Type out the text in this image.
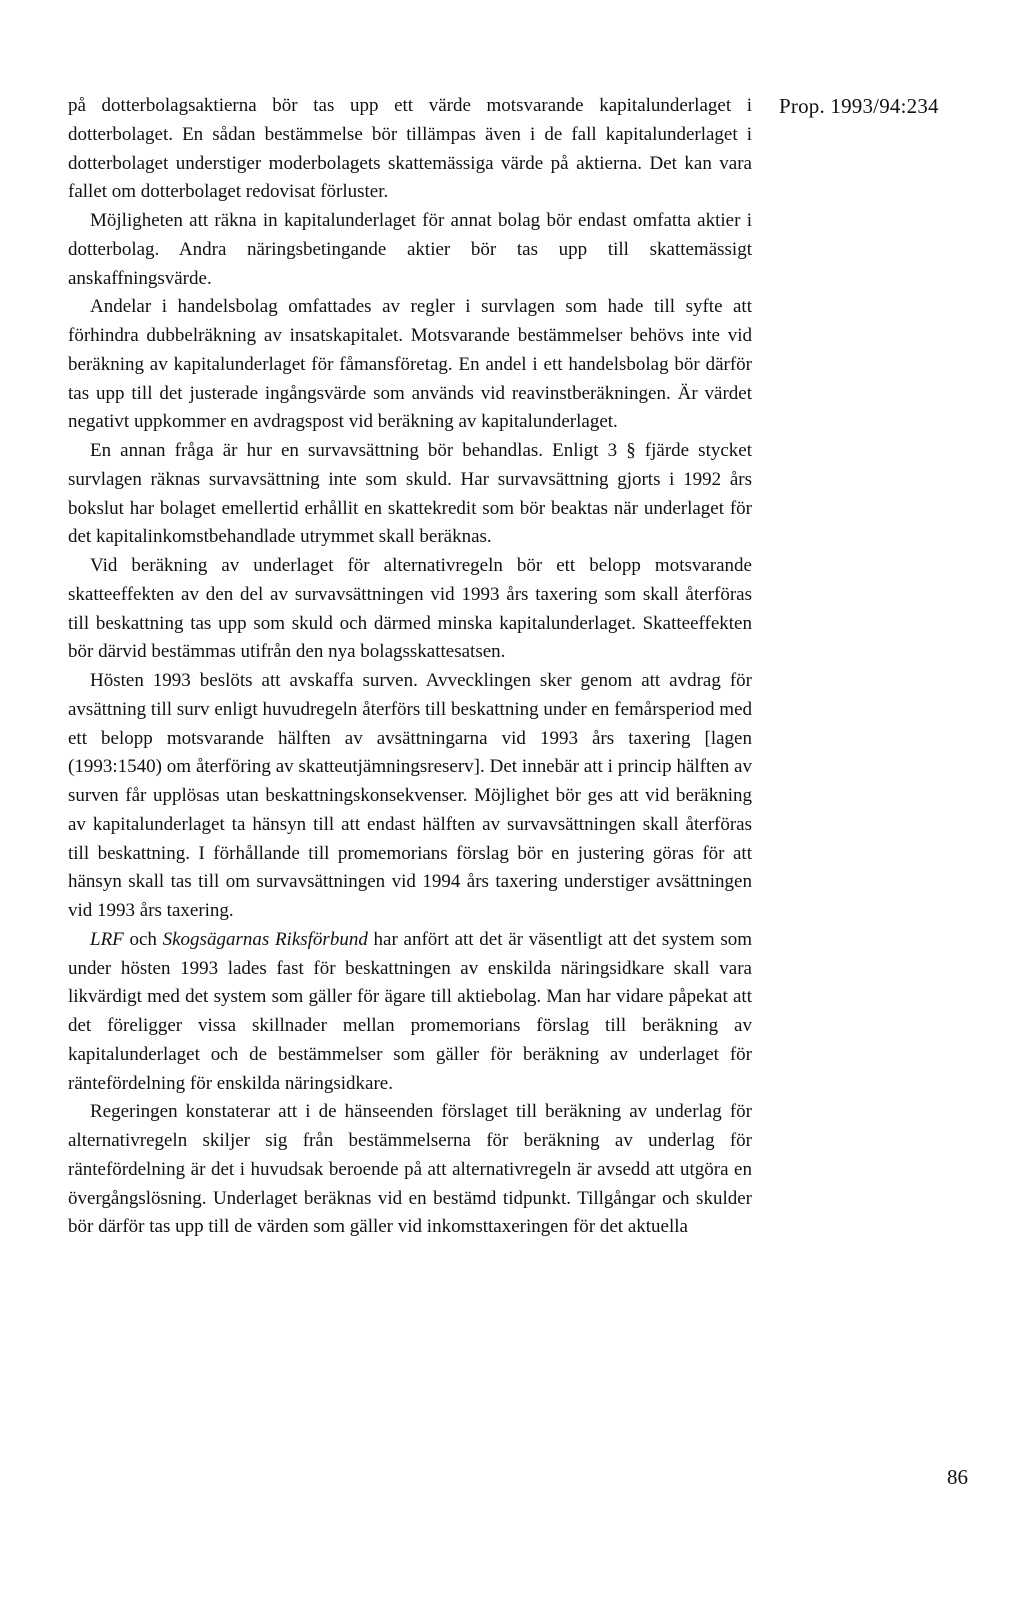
Prop. 1993/94:234

på dotterbolagsaktierna bör tas upp ett värde motsvarande kapitalunderlaget i dotterbolaget. En sådan bestämmelse bör tillämpas även i de fall kapitalunderlaget i dotterbolaget understiger moderbolagets skattemässiga värde på aktierna. Det kan vara fallet om dotterbolaget redovisat förluster.

Möjligheten att räkna in kapitalunderlaget för annat bolag bör endast omfatta aktier i dotterbolag. Andra näringsbetingande aktier bör tas upp till skattemässigt anskaffningsvärde.

Andelar i handelsbolag omfattades av regler i survlagen som hade till syfte att förhindra dubbelräkning av insatskapitalet. Motsvarande bestämmelser behövs inte vid beräkning av kapitalunderlaget för fåmansföretag. En andel i ett handelsbolag bör därför tas upp till det justerade ingångsvärde som används vid reavinstberäkningen. Är värdet negativt uppkommer en avdragspost vid beräkning av kapitalunderlaget.

En annan fråga är hur en survavsättning bör behandlas. Enligt 3 § fjärde stycket survlagen räknas survavsättning inte som skuld. Har survavsättning gjorts i 1992 års bokslut har bolaget emellertid erhållit en skattekredit som bör beaktas när underlaget för det kapitalinkomstbehandlade utrymmet skall beräknas.

Vid beräkning av underlaget för alternativregeln bör ett belopp motsvarande skatteeffekten av den del av survavsättningen vid 1993 års taxering som skall återföras till beskattning tas upp som skuld och därmed minska kapitalunderlaget. Skatteeffekten bör därvid bestämmas utifrån den nya bolagsskattesatsen.

Hösten 1993 beslöts att avskaffa surven. Avvecklingen sker genom att avdrag för avsättning till surv enligt huvudregeln återförs till beskattning under en femårsperiod med ett belopp motsvarande hälften av avsättningarna vid 1993 års taxering [lagen (1993:1540) om återföring av skatteutjämningsreserv]. Det innebär att i princip hälften av surven får upplösas utan beskattningskonsekvenser. Möjlighet bör ges att vid beräkning av kapitalunderlaget ta hänsyn till att endast hälften av survavsättningen skall återföras till beskattning. I förhållande till promemorians förslag bör en justering göras för att hänsyn skall tas till om survavsättningen vid 1994 års taxering understiger avsättningen vid 1993 års taxering.

LRF och Skogsägarnas Riksförbund har anfört att det är väsentligt att det system som under hösten 1993 lades fast för beskattningen av enskilda näringsidkare skall vara likvärdigt med det system som gäller för ägare till aktiebolag. Man har vidare påpekat att det föreligger vissa skillnader mellan promemorians förslag till beräkning av kapitalunderlaget och de bestämmelser som gäller för beräkning av underlaget för räntefördelning för enskilda näringsidkare.

Regeringen konstaterar att i de hänseenden förslaget till beräkning av underlag för alternativregeln skiljer sig från bestämmelserna för beräkning av underlag för räntefördelning är det i huvudsak beroende på att alternativregeln är avsedd att utgöra en övergångslösning. Underlaget beräknas vid en bestämd tidpunkt. Tillgångar och skulder bör därför tas upp till de värden som gäller vid inkomsttaxeringen för det aktuella

86
